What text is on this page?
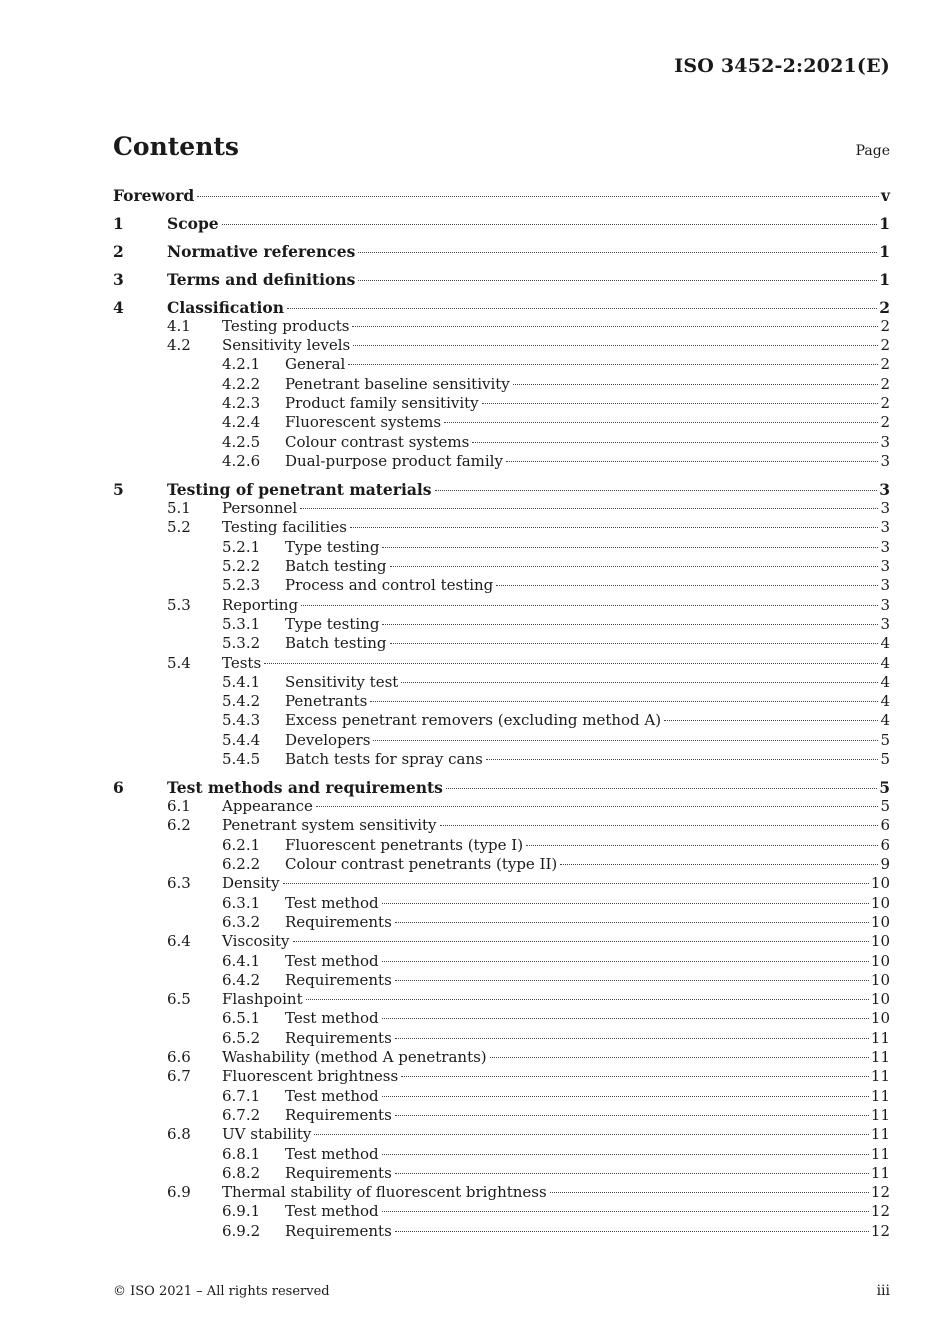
ISO 3452-2:2021(E)
Contents	Page
Foreword	v
1	Scope	1
2	Normative references	1
3	Terms and definitions	1
4	Classification	2
4.1 Testing products	2
4.2 Sensitivity levels	2
4.2.1 General	2
4.2.2 Penetrant baseline sensitivity	2
4.2.3 Product family sensitivity	2
4.2.4 Fluorescent systems	2
4.2.5 Colour contrast systems	3
4.2.6 Dual-purpose product family	3
5	Testing of penetrant materials	3
5.1 Personnel	3
5.2 Testing facilities	3
5.2.1 Type testing	3
5.2.2 Batch testing	3
5.2.3 Process and control testing	3
5.3 Reporting	3
5.3.1 Type testing	3
5.3.2 Batch testing	4
5.4 Tests	4
5.4.1 Sensitivity test	4
5.4.2 Penetrants	4
5.4.3 Excess penetrant removers (excluding method A)	4
5.4.4 Developers	5
5.4.5 Batch tests for spray cans	5
6	Test methods and requirements	5
6.1 Appearance	5
6.2 Penetrant system sensitivity	6
6.2.1 Fluorescent penetrants (type I)	6
6.2.2 Colour contrast penetrants (type II)	9
6.3 Density	10
6.3.1 Test method	10
6.3.2 Requirements	10
6.4 Viscosity	10
6.4.1 Test method	10
6.4.2 Requirements	10
6.5 Flashpoint	10
6.5.1 Test method	10
6.5.2 Requirements	11
6.6 Washability (method A penetrants)	11
6.7 Fluorescent brightness	11
6.7.1 Test method	11
6.7.2 Requirements	11
6.8 UV stability	11
6.8.1 Test method	11
6.8.2 Requirements	11
6.9 Thermal stability of fluorescent brightness	12
6.9.1 Test method	12
6.9.2 Requirements	12
© ISO 2021 – All rights reserved	iii
